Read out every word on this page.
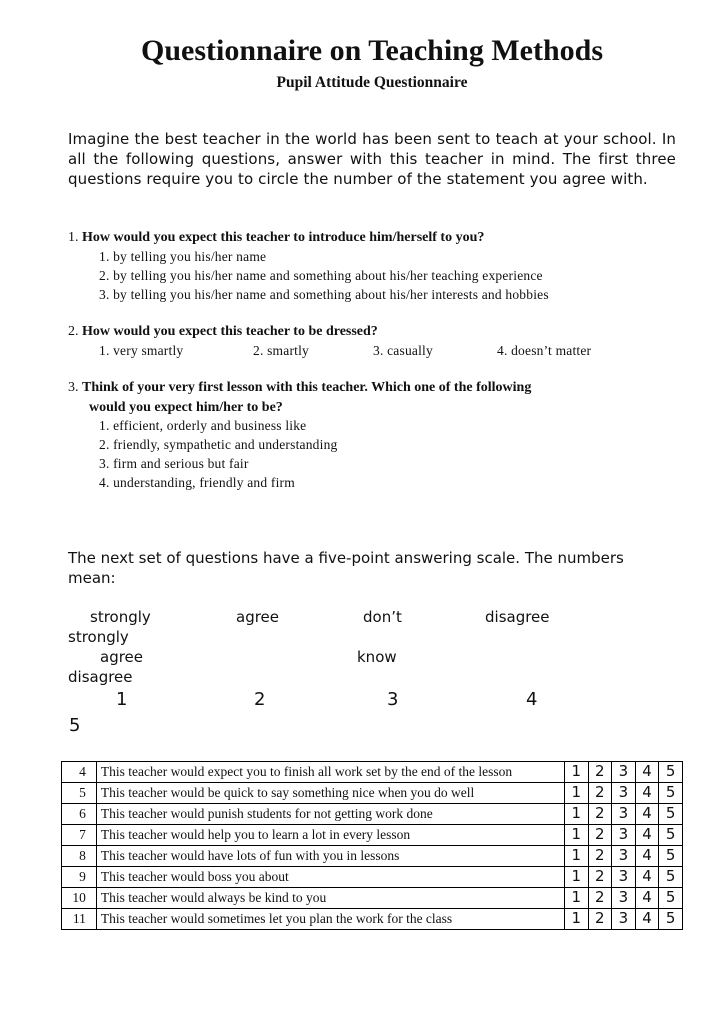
Questionnaire on Teaching Methods
Pupil Attitude Questionnaire
Imagine the best teacher in the world has been sent to teach at your school. In all the following questions, answer with this teacher in mind. The first three questions require you to circle the number of the statement you agree with.
1. How would you expect this teacher to introduce him/herself to you?
1. by telling you his/her name
2. by telling you his/her name and something about his/her teaching experience
3. by telling you his/her name and something about his/her interests and hobbies
2. How would you expect this teacher to be dressed?
1. very smartly	2. smartly	3. casually	4. doesn’t matter
3. Think of your very first lesson with this teacher. Which one of the following
would you expect him/her to be?
1. efficient, orderly and business like
2. friendly, sympathetic and understanding
3. firm and serious but fair
4. understanding, friendly and firm
The next set of questions have a five-point answering scale. The numbers mean:
strongly	agree	don’t	disagree
strongly
agree	know
disagree
1	2	3	4
5
4	This teacher would expect you to finish all work set by the end of the lesson	1	2	3	4	5
5	This teacher would be quick to say something nice when you do well	1	2	3	4	5
6	This teacher would punish students for not getting work done	1	2	3	4	5
7	This teacher would help you to learn a lot in every lesson	1	2	3	4	5
8	This teacher would have lots of fun with you in lessons	1	2	3	4	5
9	This teacher would boss you about	1	2	3	4	5
10	This teacher would always be kind to you	1	2	3	4	5
11	This teacher would sometimes let you plan the work for the class	1	2	3	4	5
